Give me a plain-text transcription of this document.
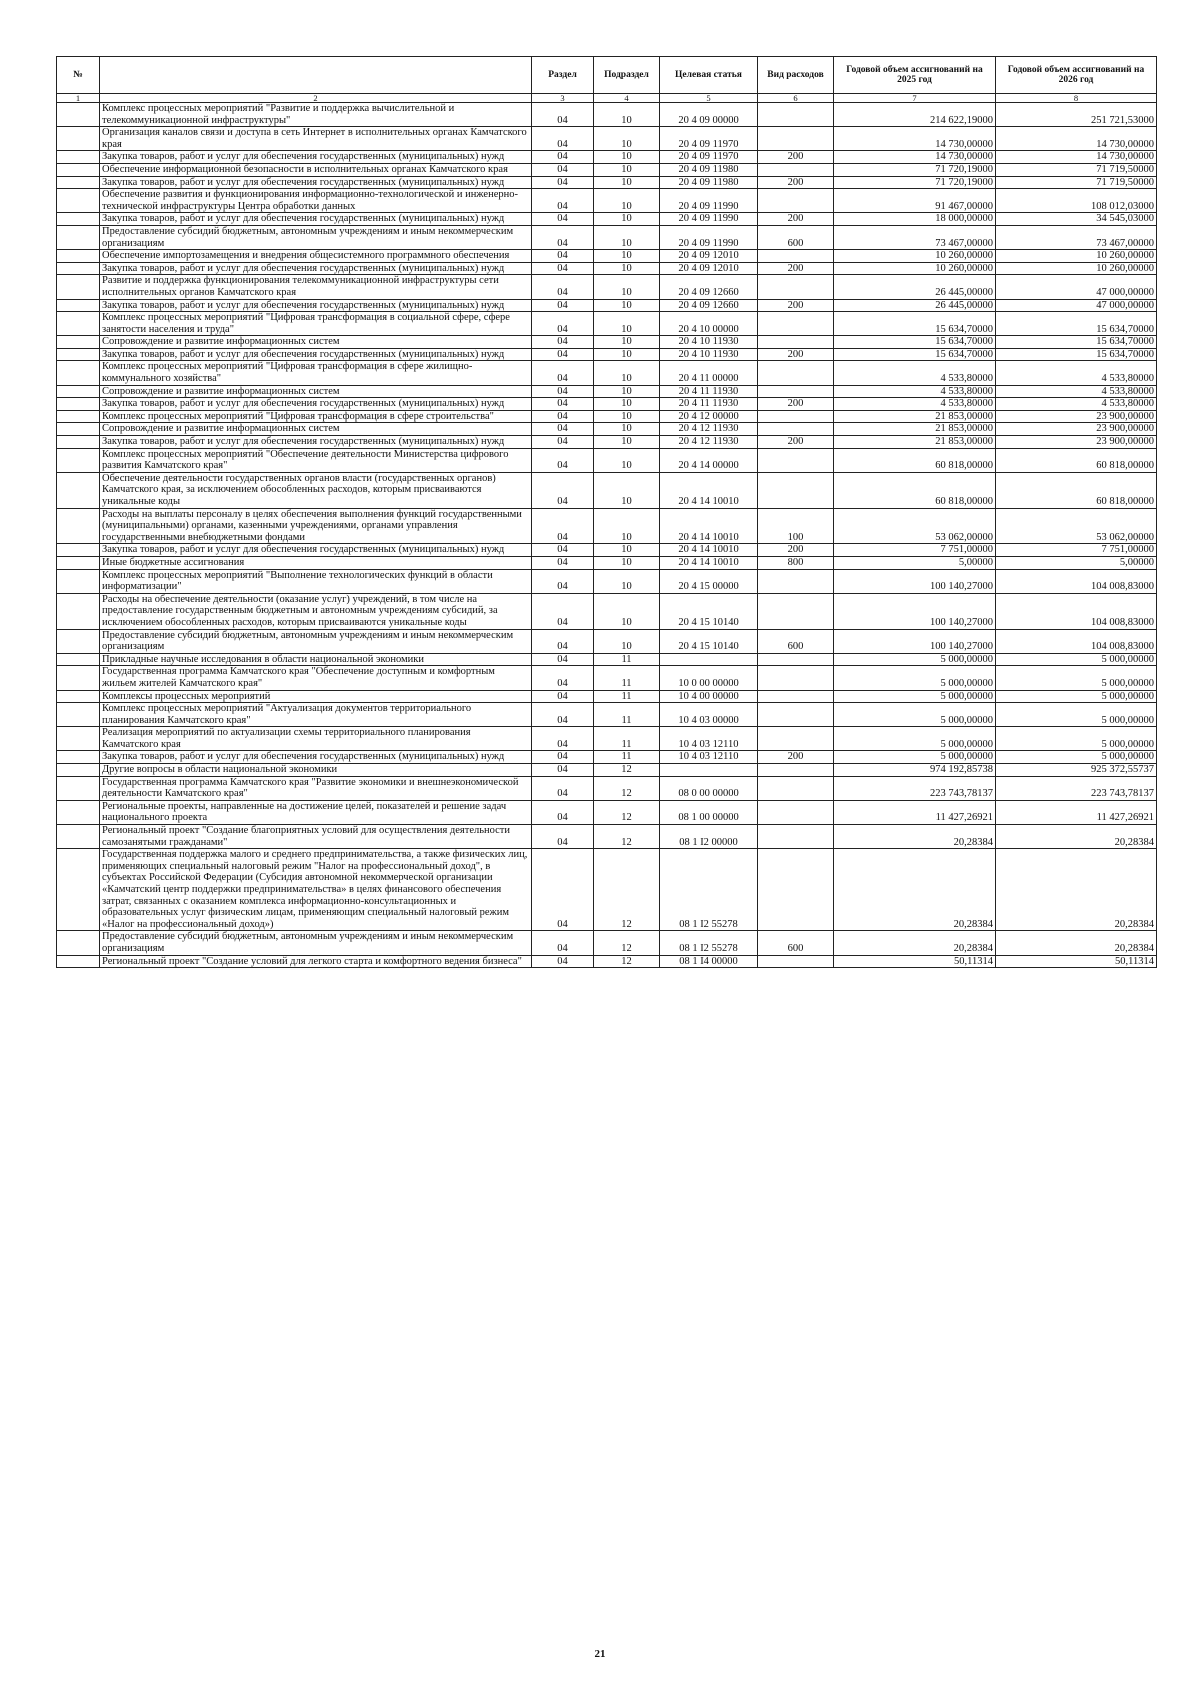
№		Раздел	Подраздел	Целевая статья	Вид расходов	Годовой объем ассигнований на 2025 год	Годовой объем ассигнований на 2026 год
1	2	3	4	5	6	7	8
	Комплекс процессных мероприятий "Развитие и поддержка вычислительной и телекоммуникационной инфраструктуры"	04	10	20 4 09 00000		214 622,19000	251 721,53000
	Организация каналов связи и доступа в сеть Интернет в исполнительных органах Камчатского края	04	10	20 4 09 11970		14 730,00000	14 730,00000
	Закупка товаров, работ и услуг для обеспечения государственных (муниципальных) нужд	04	10	20 4 09 11970	200	14 730,00000	14 730,00000
	Обеспечение информационной безопасности в исполнительных органах Камчатского края	04	10	20 4 09 11980		71 720,19000	71 719,50000
	Закупка товаров, работ и услуг для обеспечения государственных (муниципальных) нужд	04	10	20 4 09 11980	200	71 720,19000	71 719,50000
	Обеспечение развития и функционирования информационно-технологической и инженерно-технической инфраструктуры Центра обработки данных	04	10	20 4 09 11990		91 467,00000	108 012,03000
	Закупка товаров, работ и услуг для обеспечения государственных (муниципальных) нужд	04	10	20 4 09 11990	200	18 000,00000	34 545,03000
	Предоставление субсидий бюджетным, автономным учреждениям и иным некоммерческим организациям	04	10	20 4 09 11990	600	73 467,00000	73 467,00000
	Обеспечение импортозамещения и внедрения общесистемного программного обеспечения	04	10	20 4 09 12010		10 260,00000	10 260,00000
	Закупка товаров, работ и услуг для обеспечения государственных (муниципальных) нужд	04	10	20 4 09 12010	200	10 260,00000	10 260,00000
	Развитие и поддержка функционирования телекоммуникационной инфраструктуры сети исполнительных органов Камчатского края	04	10	20 4 09 12660		26 445,00000	47 000,00000
	Закупка товаров, работ и услуг для обеспечения государственных (муниципальных) нужд	04	10	20 4 09 12660	200	26 445,00000	47 000,00000
	Комплекс процессных мероприятий "Цифровая трансформация в социальной сфере, сфере занятости населения и труда"	04	10	20 4 10 00000		15 634,70000	15 634,70000
	Сопровождение и развитие информационных систем	04	10	20 4 10 11930		15 634,70000	15 634,70000
	Закупка товаров, работ и услуг для обеспечения государственных (муниципальных) нужд	04	10	20 4 10 11930	200	15 634,70000	15 634,70000
	Комплекс процессных мероприятий "Цифровая трансформация в сфере жилищно-коммунального хозяйства"	04	10	20 4 11 00000		4 533,80000	4 533,80000
	Сопровождение и развитие информационных систем	04	10	20 4 11 11930		4 533,80000	4 533,80000
	Закупка товаров, работ и услуг для обеспечения государственных (муниципальных) нужд	04	10	20 4 11 11930	200	4 533,80000	4 533,80000
	Комплекс процессных мероприятий "Цифровая трансформация в сфере строительства"	04	10	20 4 12 00000		21 853,00000	23 900,00000
	Сопровождение и развитие информационных систем	04	10	20 4 12 11930		21 853,00000	23 900,00000
	Закупка товаров, работ и услуг для обеспечения государственных (муниципальных) нужд	04	10	20 4 12 11930	200	21 853,00000	23 900,00000
	Комплекс процессных мероприятий "Обеспечение деятельности Министерства цифрового развития Камчатского края"	04	10	20 4 14 00000		60 818,00000	60 818,00000
	Обеспечение деятельности государственных органов власти (государственных органов) Камчатского края, за исключением обособленных расходов, которым присваиваются уникальные коды	04	10	20 4 14 10010		60 818,00000	60 818,00000
	Расходы на выплаты персоналу в целях обеспечения выполнения функций государственными (муниципальными) органами, казенными учреждениями, органами управления государственными внебюджетными фондами	04	10	20 4 14 10010	100	53 062,00000	53 062,00000
	Закупка товаров, работ и услуг для обеспечения государственных (муниципальных) нужд	04	10	20 4 14 10010	200	7 751,00000	7 751,00000
	Иные бюджетные ассигнования	04	10	20 4 14 10010	800	5,00000	5,00000
	Комплекс процессных мероприятий "Выполнение технологических функций в области информатизации"	04	10	20 4 15 00000		100 140,27000	104 008,83000
	Расходы на обеспечение деятельности (оказание услуг) учреждений, в том числе на предоставление государственным бюджетным и автономным учреждениям субсидий, за исключением обособленных расходов, которым присваиваются уникальные коды	04	10	20 4 15 10140		100 140,27000	104 008,83000
	Предоставление субсидий бюджетным, автономным учреждениям и иным некоммерческим организациям	04	10	20 4 15 10140	600	100 140,27000	104 008,83000
	Прикладные научные исследования в области национальной экономики	04	11			5 000,00000	5 000,00000
	Государственная программа Камчатского края "Обеспечение доступным и комфортным жильем жителей Камчатского края"	04	11	10 0 00 00000		5 000,00000	5 000,00000
	Комплексы процессных мероприятий	04	11	10 4 00 00000		5 000,00000	5 000,00000
	Комплекс процессных мероприятий "Актуализация документов территориального планирования Камчатского края"	04	11	10 4 03 00000		5 000,00000	5 000,00000
	Реализация мероприятий по актуализации схемы территориального планирования Камчатского края	04	11	10 4 03 12110		5 000,00000	5 000,00000
	Закупка товаров, работ и услуг для обеспечения государственных (муниципальных) нужд	04	11	10 4 03 12110	200	5 000,00000	5 000,00000
	Другие вопросы в области национальной экономики	04	12			974 192,85738	925 372,55737
	Государственная программа Камчатского края "Развитие экономики и внешнеэкономической деятельности Камчатского края"	04	12	08 0 00 00000		223 743,78137	223 743,78137
	Региональные проекты, направленные на достижение целей, показателей и решение задач национального проекта	04	12	08 1 00 00000		11 427,26921	11 427,26921
	Региональный проект "Создание благоприятных условий для осуществления деятельности самозанятыми гражданами"	04	12	08 1 I2 00000		20,28384	20,28384
	Государственная поддержка малого и среднего предпринимательства, а также физических лиц, применяющих специальный налоговый режим "Налог на профессиональный доход", в субъектах Российской Федерации (Субсидия автономной некоммерческой организации «Камчатский центр поддержки предпринимательства» в целях финансового обеспечения затрат, связанных с оказанием комплекса информационно-консультационных и образовательных услуг физическим лицам, применяющим специальный налоговый режим «Налог на профессиональный доход»)	04	12	08 1 I2 55278		20,28384	20,28384
	Предоставление субсидий бюджетным, автономным учреждениям и иным некоммерческим организациям	04	12	08 1 I2 55278	600	20,28384	20,28384
	Региональный проект "Создание условий для легкого старта и комфортного ведения бизнеса"	04	12	08 1 I4 00000		50,11314	50,11314
21
